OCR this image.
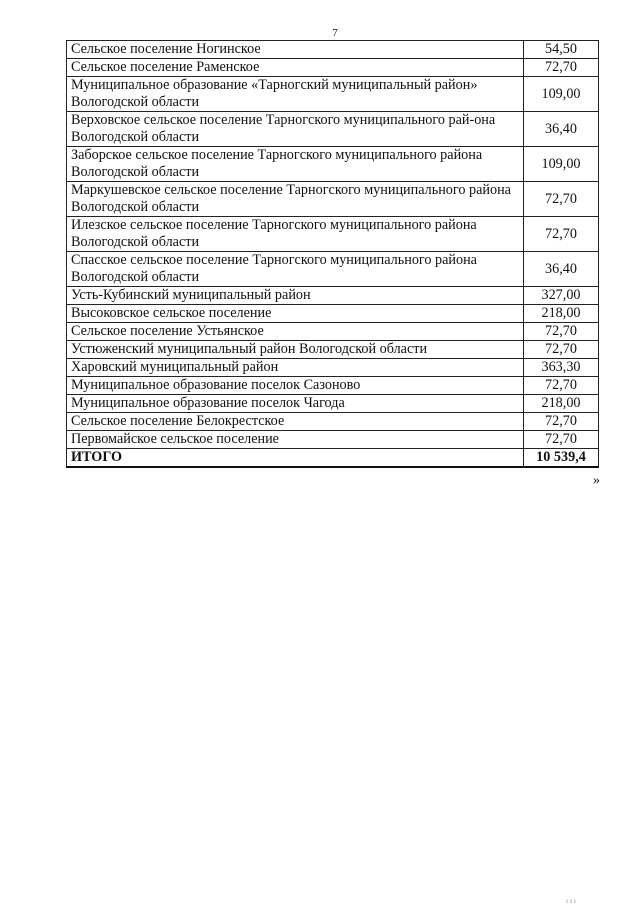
7
Сельское поселение Ногинское	54,50
Сельское поселение Раменское	72,70
Муниципальное образование «Тарногский муниципальный район» Вологодской области	109,00
Верховское сельское поселение Тарногского муниципального рай-она Вологодской области	36,40
Заборское сельское поселение Тарногского муниципального района Вологодской области	109,00
Маркушевское сельское поселение Тарногского муниципального района Вологодской области	72,70
Илезское сельское поселение Тарногского муниципального района Вологодской области	72,70
Спасское сельское поселение Тарногского муниципального района Вологодской области	36,40
Усть-Кубинский муниципальный район	327,00
Высоковское сельское поселение	218,00
Сельское поселение Устьянское	72,70
Устюженский муниципальный район Вологодской области	72,70
Харовский муниципальный район	363,30
Муниципальное образование поселок Сазоново	72,70
Муниципальное образование поселок Чагода	218,00
Сельское поселение Белокрестское	72,70
Первомайское сельское поселение	72,70
ИТОГО	10 539,4
»
ııı
